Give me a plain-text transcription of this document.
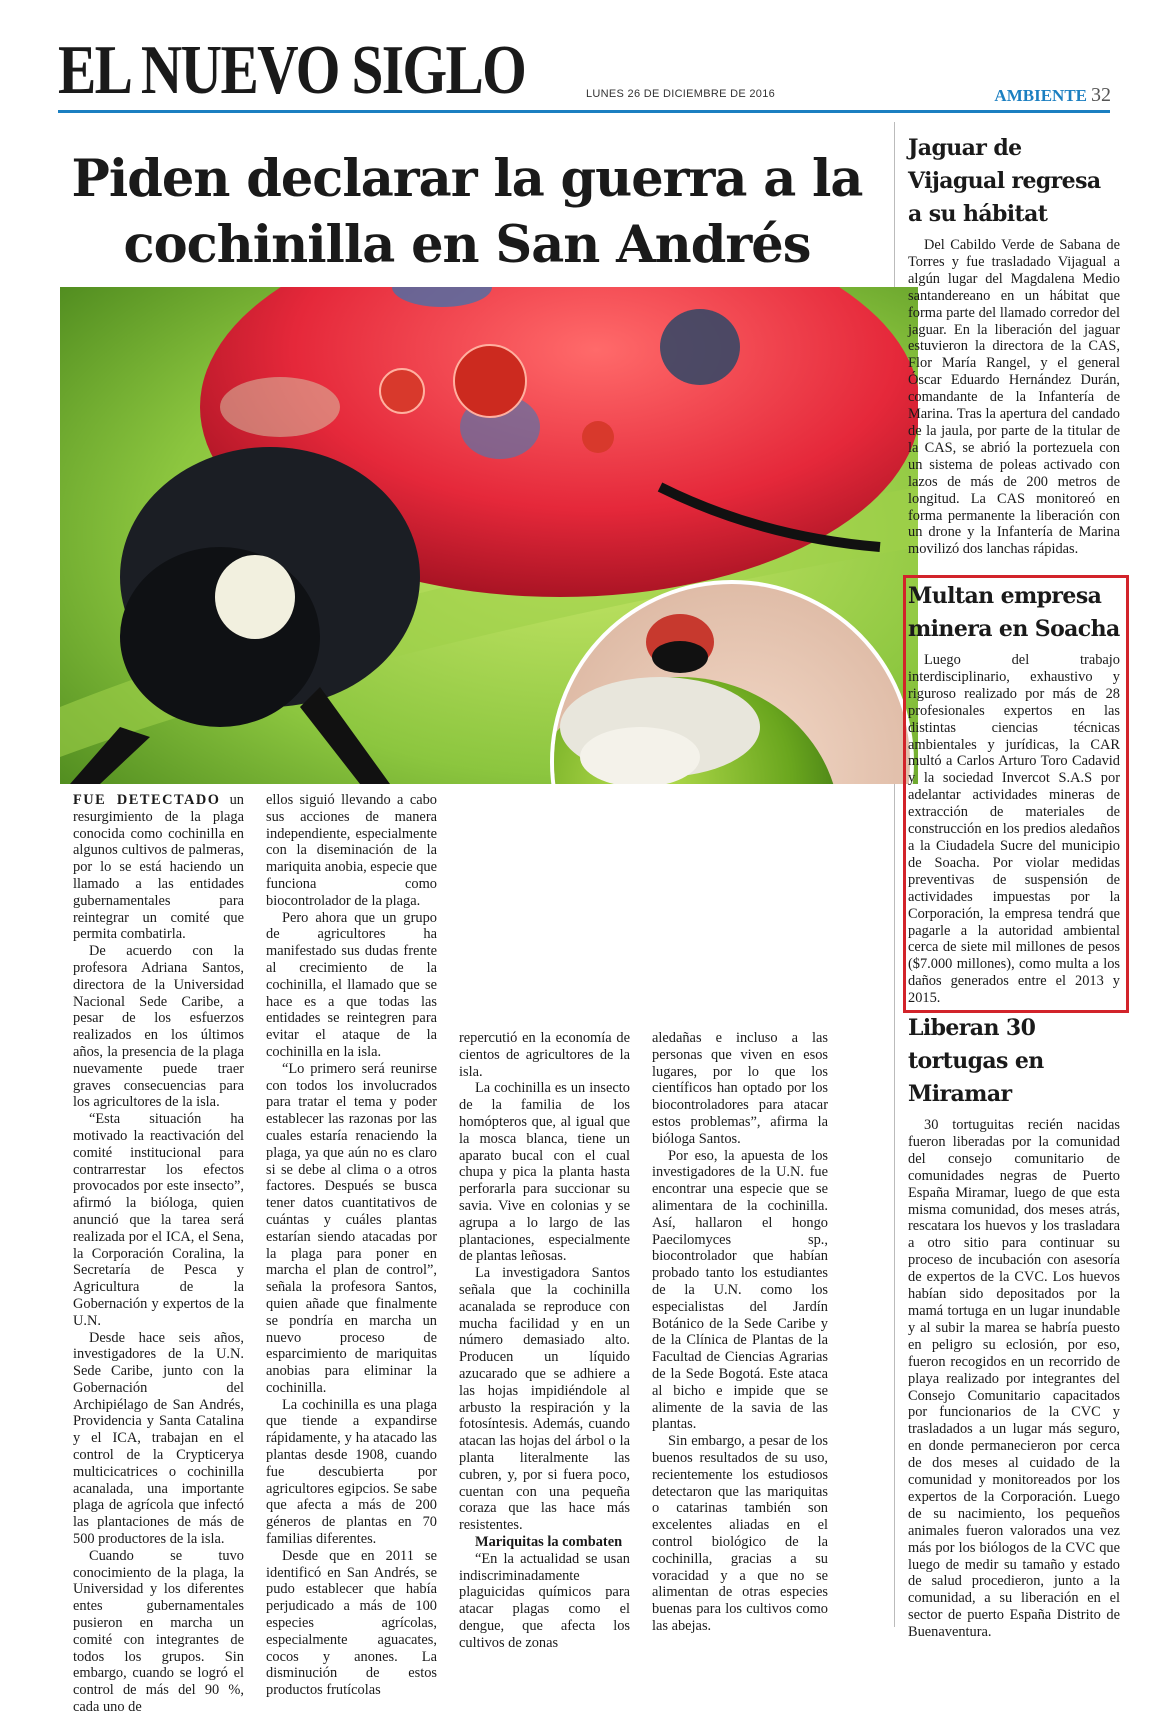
EL NUEVO SIGLO	LUNES 26 DE DICIEMBRE DE 2016	AMBIENTE 32
Piden declarar la guerra a la cochinilla en San Andrés

FUE DETECTADO un resurgimiento de la plaga conocida como cochinilla en algunos cultivos de palmeras, por lo se está haciendo un llamado a las entidades gubernamentales para reintegrar un comité que permita combatirla.

De acuerdo con la profesora Adriana Santos, directora de la Universidad Nacional Sede Caribe, a pesar de los esfuerzos realizados en los últimos años, la presencia de la plaga nuevamente puede traer graves consecuencias para los agricultores de la isla.

“Esta situación ha motivado la reactivación del comité institucional para contrarrestar los efectos provocados por este insecto”, afirmó la bióloga, quien anunció que la tarea será realizada por el ICA, el Sena, la Corporación Coralina, la Secretaría de Pesca y Agricultura de la Gobernación y expertos de la U.N.

Desde hace seis años, investigadores de la U.N. Sede Caribe, junto con la Gobernación del Archipiélago de San Andrés, Providencia y Santa Catalina y el ICA, trabajan en el control de la Crypticerya multicicatrices o cochinilla acanalada, una importante plaga de agrícola que infectó las plantaciones de más de 500 productores de la isla.

Cuando se tuvo conocimiento de la plaga, la Universidad y los diferentes entes gubernamentales pusieron en marcha un comité con integrantes de todos los grupos. Sin embargo, cuando se logró el control de más del 90 %, cada uno de

ellos siguió llevando a cabo sus acciones de manera independiente, especialmente con la diseminación de la mariquita anobia, especie que funciona como biocontrolador de la plaga.

Pero ahora que un grupo de agricultores ha manifestado sus dudas frente al crecimiento de la cochinilla, el llamado que se hace es a que todas las entidades se reintegren para evitar el ataque de la cochinilla en la isla.

“Lo primero será reunirse con todos los involucrados para tratar el tema y poder establecer las razonas por las cuales estaría renaciendo la plaga, ya que aún no es claro si se debe al clima o a otros factores. Después se busca tener datos cuantitativos de cuántas y cuáles plantas estarían siendo atacadas por la plaga para poner en marcha el plan de control”, señala la profesora Santos, quien añade que finalmente se pondría en marcha un nuevo proceso de esparcimiento de mariquitas anobias para eliminar la cochinilla.

La cochinilla es una plaga que tiende a expandirse rápidamente, y ha atacado las plantas desde 1908, cuando fue descubierta por agricultores egipcios. Se sabe que afecta a más de 200 géneros de plantas en 70 familias diferentes.

Desde que en 2011 se identificó en San Andrés, se pudo establecer que había perjudicado a más de 100 especies agrícolas, especialmente aguacates, cocos y anones. La disminución de estos productos frutícolas

repercutió en la economía de cientos de agricultores de la isla.

La cochinilla es un insecto de la familia de los homópteros que, al igual que la mosca blanca, tiene un aparato bucal con el cual chupa y pica la planta hasta perforarla para succionar su savia. Vive en colonias y se agrupa a lo largo de las plantaciones, especialmente de plantas leñosas.

La investigadora Santos señala que la cochinilla acanalada se reproduce con mucha facilidad y en un número demasiado alto. Producen un líquido azucarado que se adhiere a las hojas impidiéndole al arbusto la respiración y la fotosíntesis. Además, cuando atacan las hojas del árbol o la planta literalmente las cubren, y, por si fuera poco, cuentan con una pequeña coraza que las hace más resistentes.

Mariquitas la combaten

“En la actualidad se usan indiscriminadamente plaguicidas químicos para atacar plagas como el dengue, que afecta los cultivos de zonas

aledañas e incluso a las personas que viven en esos lugares, por lo que los científicos han optado por los biocontroladores para atacar estos problemas”, afirma la bióloga Santos.

Por eso, la apuesta de los investigadores de la U.N. fue encontrar una especie que se alimentara de la cochinilla. Así, hallaron el hongo Paecilomyces sp., biocontrolador que habían probado tanto los estudiantes de la U.N. como los especialistas del Jardín Botánico de la Sede Caribe y de la Clínica de Plantas de la Facultad de Ciencias Agrarias de la Sede Bogotá. Este ataca al bicho e impide que se alimente de la savia de las plantas.

Sin embargo, a pesar de los buenos resultados de su uso, recientemente los estudiosos detectaron que las mariquitas o catarinas también son excelentes aliadas en el control biológico de la cochinilla, gracias a su voracidad y a que no se alimentan de otras especies buenas para los cultivos como las abejas.

Jaguar de Vijagual regresa a su hábitat

Del Cabildo Verde de Sabana de Torres y fue trasladado Vijagual a algún lugar del Magdalena Medio santandereano en un hábitat que forma parte del llamado corredor del jaguar. En la liberación del jaguar estuvieron la directora de la CAS, Flor María Rangel, y el general Óscar Eduardo Hernández Durán, comandante de la Infantería de Marina. Tras la apertura del candado de la jaula, por parte de la titular de la CAS, se abrió la portezuela con un sistema de poleas activado con lazos de más de 200 metros de longitud. La CAS monitoreó en forma permanente la liberación con un drone y la Infantería de Marina movilizó dos lanchas rápidas.

Multan empresa minera en Soacha

Luego del trabajo interdisciplinario, exhaustivo y riguroso realizado por más de 28 profesionales expertos en las distintas ciencias técnicas ambientales y jurídicas, la CAR multó a Carlos Arturo Toro Cadavid y la sociedad Invercot S.A.S por adelantar actividades mineras de extracción de materiales de construcción en los predios aledaños a la Ciudadela Sucre del municipio de Soacha. Por violar medidas preventivas de suspensión de actividades impuestas por la Corporación, la empresa tendrá que pagarle a la autoridad ambiental cerca de siete mil millones de pesos ($7.000 millones), como multa a los daños generados entre el 2013 y 2015.

Liberan 30 tortugas en Miramar

30 tortuguitas recién nacidas fueron liberadas por la comunidad del consejo comunitario de comunidades negras de Puerto España Miramar, luego de que esta misma comunidad, dos meses atrás, rescatara los huevos y los trasladara a otro sitio para continuar su proceso de incubación con asesoría de expertos de la CVC. Los huevos habían sido depositados por la mamá tortuga en un lugar inundable y al subir la marea se habría puesto en peligro su eclosión, por eso, fueron recogidos en un recorrido de playa realizado por integrantes del Consejo Comunitario capacitados por funcionarios de la CVC y trasladados a un lugar más seguro, en donde permanecieron por cerca de dos meses al cuidado de la comunidad y monitoreados por los expertos de la Corporación. Luego de su nacimiento, los pequeños animales fueron valorados una vez más por los biólogos de la CVC que luego de medir su tamaño y estado de salud procedieron, junto a la comunidad, a su liberación en el sector de puerto España Distrito de Buenaventura.
